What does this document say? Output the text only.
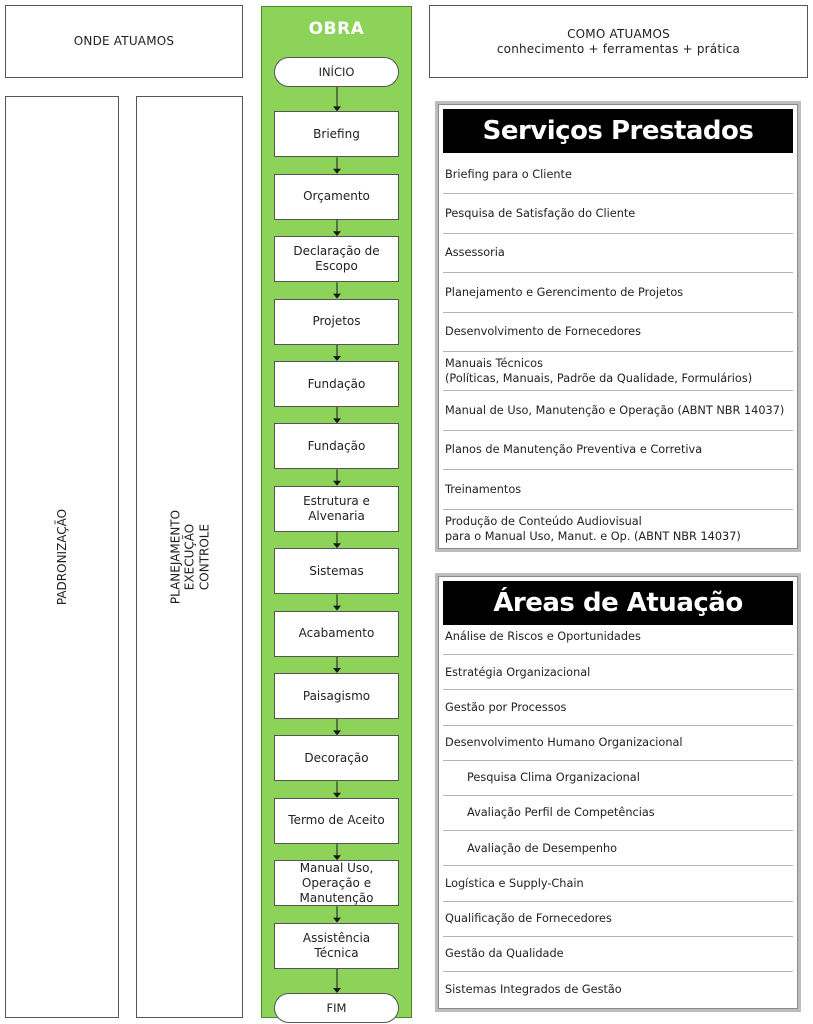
ONDE ATUAMOS
COMO ATUAMOS
conhecimento + ferramentas + prática
PADRONIZAÇÃO	PLANEJAMENTO EXECUÇÃO CONTROLE
OBRA
INÍCIO
Briefing
Orçamento
Declaração de
Escopo
Projetos
Fundação
Fundação
Estrutura e
Alvenaria
Sistemas
Acabamento
Paisagismo
Decoração
Termo de Aceito
Manual Uso,
Operação e
Manutenção
Assistência
Técnica
FIM
Serviços Prestados
Briefing para o Cliente
Pesquisa de Satisfação do Cliente
Assessoria
Planejamento e Gerencimento de Projetos
Desenvolvimento de Fornecedores
Manuais Técnicos
(Políticas, Manuais, Padrõe da Qualidade, Formulários)
Manual de Uso, Manutenção e Operação (ABNT NBR 14037)
Planos de Manutenção Preventiva e Corretiva
Treinamentos
Produção de Conteúdo Audiovisual
para o Manual Uso, Manut. e Op. (ABNT NBR 14037)
Áreas de Atuação
Análise de Riscos e Oportunidades
Estratégia Organizacional
Gestão por Processos
Desenvolvimento Humano Organizacional
Pesquisa Clima Organizacional
Avaliação Perfil de Competências
Avaliação de Desempenho
Logística e Supply-Chain
Qualificação de Fornecedores
Gestão da Qualidade
Sistemas Integrados de Gestão
